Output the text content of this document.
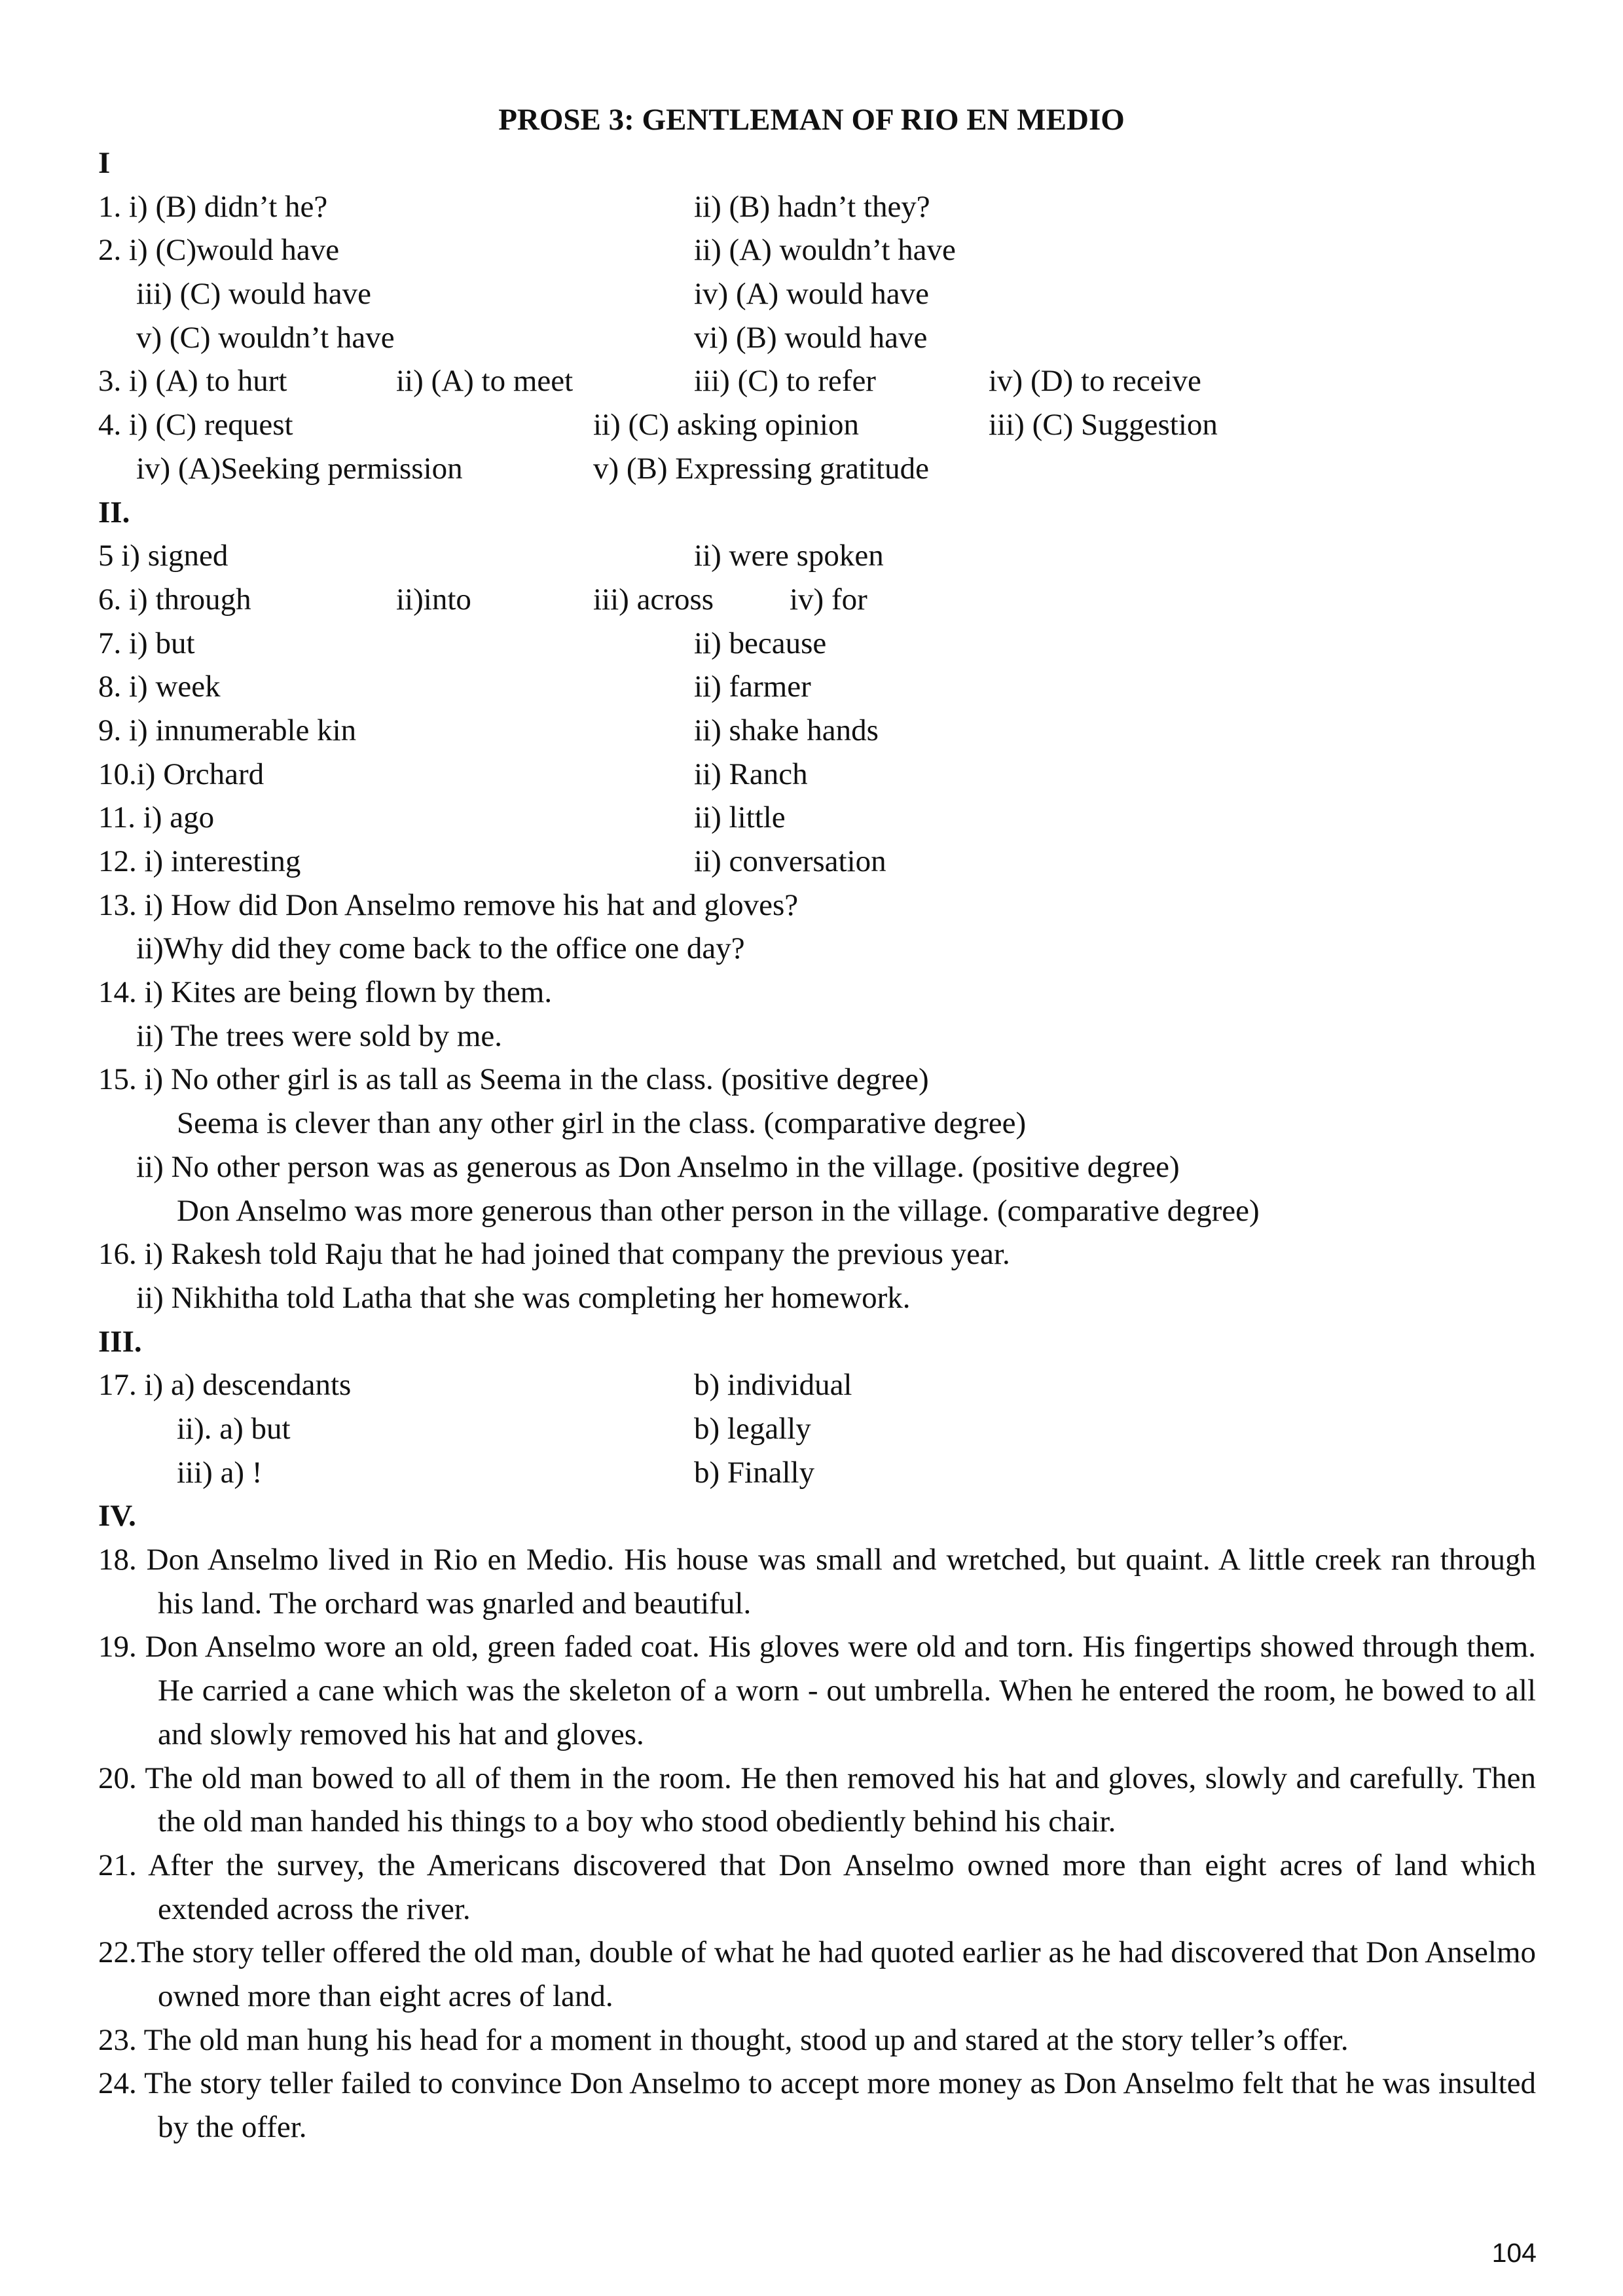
PROSE 3: GENTLEMAN OF RIO EN MEDIO
I
1. i) (B) didn’t he?	ii) (B) hadn’t they?
2. i) (C)would have	ii) (A) wouldn’t have
iii) (C) would have	iv) (A) would have
v) (C) wouldn’t have	vi) (B) would have
3. i) (A) to hurt	ii) (A) to meet	iii) (C) to refer	iv) (D) to receive
4. i) (C) request	ii) (C) asking opinion	iii) (C) Suggestion
iv) (A)Seeking permission	v) (B) Expressing gratitude
II.
5 i) signed	ii) were spoken
6. i) through	ii)into	iii) across iv) for
7. i) but	ii) because
8. i) week	ii) farmer
9. i) innumerable kin	ii) shake hands
10.i) Orchard	ii) Ranch
11. i) ago	ii) little
12. i) interesting	ii) conversation
13. i) How did Don Anselmo remove his hat and gloves?
ii)Why did they come back to the office one day?
14. i) Kites are being flown by them.
ii) The trees were sold by me.
15. i) No other girl is as tall as Seema in the class. (positive degree)
Seema is clever than any other girl in the class. (comparative degree)
ii) No other person was as generous as Don Anselmo in the village. (positive degree)
Don Anselmo was more generous than other person in the village. (comparative degree)
16. i) Rakesh told Raju that he had joined that company the previous year.
ii) Nikhitha told Latha that she was completing her homework.
III.
17. i) a) descendants	b) individual
ii). a) but	b) legally
iii) a) !	b) Finally
IV.
18. Don Anselmo lived in Rio en Medio. His house was small and wretched, but quaint. A little creek ran through his land. The orchard was gnarled and beautiful.
19. Don Anselmo wore an old, green faded coat. His gloves were old and torn. His fingertips showed through them. He carried a cane which was the skeleton of a worn - out umbrella. When he entered the room, he bowed to all and slowly removed his hat and gloves.
20. The old man bowed to all of them in the room. He then removed his hat and gloves, slowly and carefully. Then the old man handed his things to a boy who stood obediently behind his chair.
21. After the survey, the Americans discovered that Don Anselmo owned more than eight acres of land which extended across the river.
22.The story teller offered the old man, double of what he had quoted earlier as he had discovered that Don Anselmo owned more than eight acres of land.
23. The old man hung his head for a moment in thought, stood up and stared at the story teller’s offer.
24. The story teller failed to convince Don Anselmo to accept more money as Don Anselmo felt that he was insulted by the offer.
104
